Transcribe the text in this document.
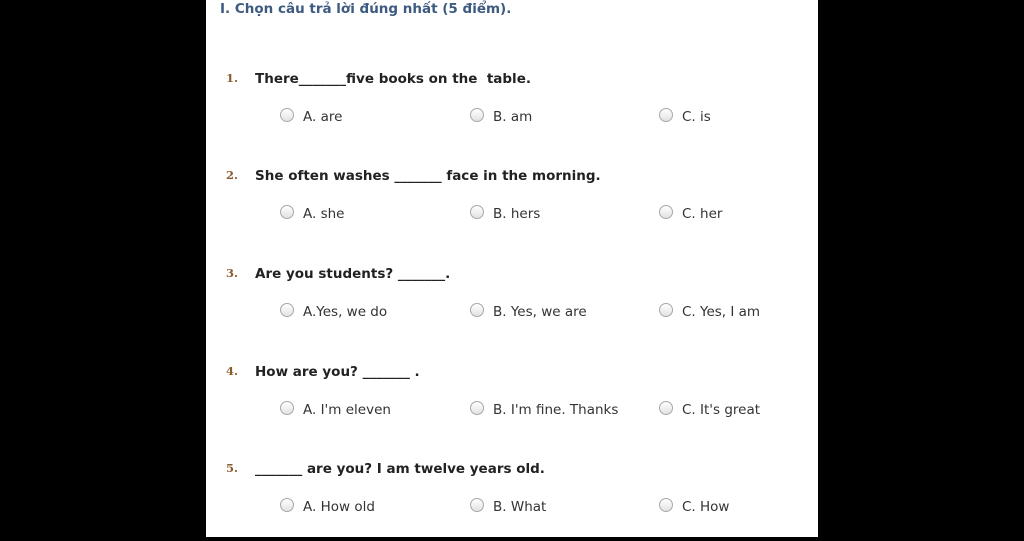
I. Chọn câu trả lời đúng nhất (5 điểm).
1. There_______five books on the  table.
A. are	B. am	C. is
2. She often washes _______ face in the morning.
A. she	B. hers	C. her
3. Are you students? _______.
A.Yes, we do	B. Yes, we are	C. Yes, I am
4. How are you? _______ .
A. I'm eleven	B. I'm fine. Thanks	C. It's great
5. _______ are you? I am twelve years old.
A. How old	B. What	C. How
